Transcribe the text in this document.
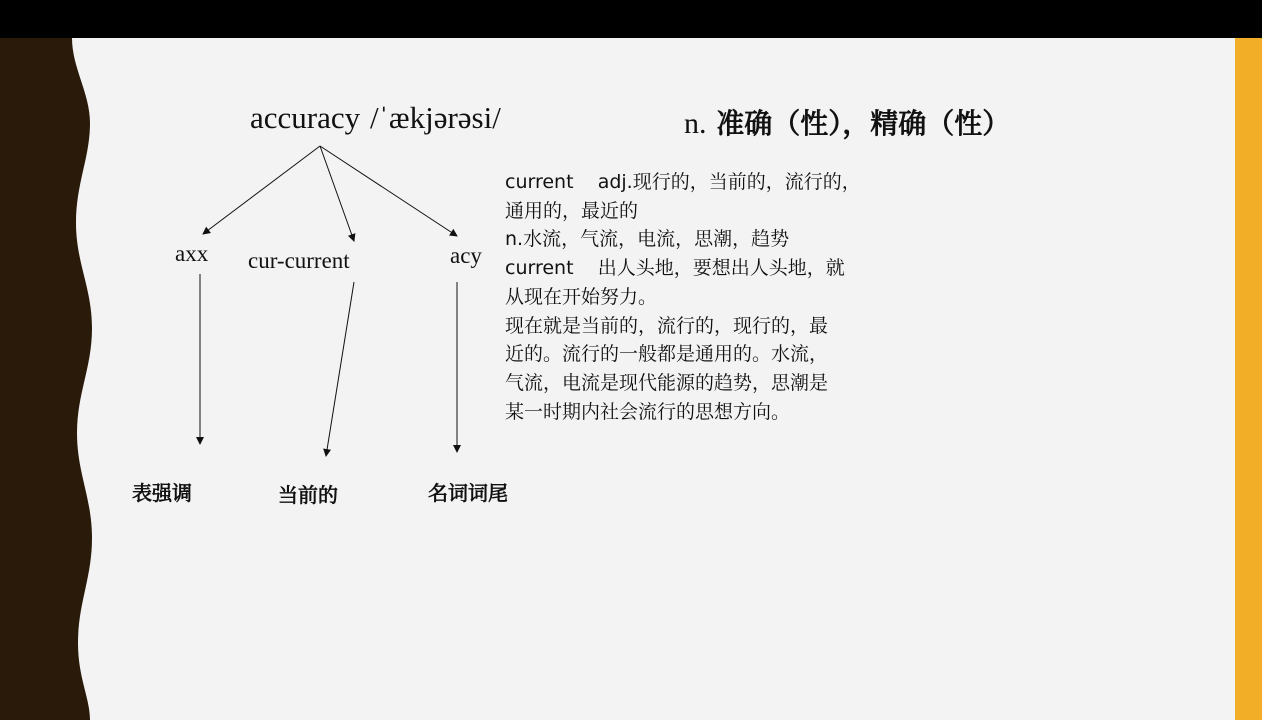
accuracy /ˈækjərəsi/	n. 准确（性），精确（性）
axx cur-current	acy
表强调	当前的	名词词尾
current    adj.现行的，当前的，流行的，
通用的，最近的
n.水流，气流，电流，思潮，趋势
current    出人头地，要想出人头地，就
从现在开始努力。
现在就是当前的，流行的，现行的，最
近的。流行的一般都是通用的。水流，
气流，电流是现代能源的趋势，思潮是
某一时期内社会流行的思想方向。
